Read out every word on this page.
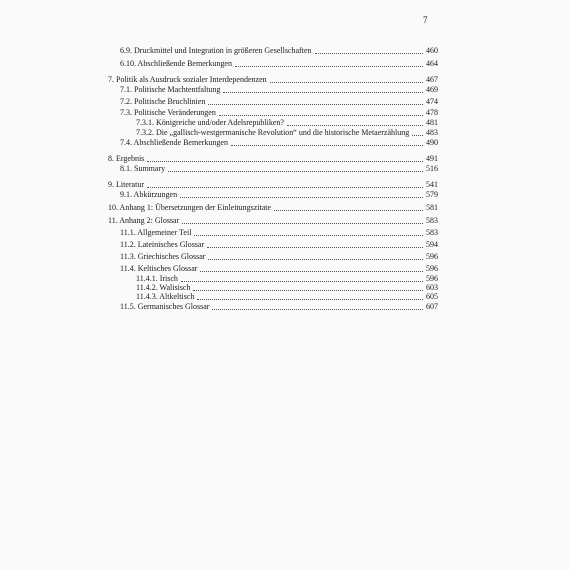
7
6.9. Druckmittel und Integration in größeren Gesellschaften	460
6.10. Abschließende Bemerkungen	464
7. Politik als Ausdruck sozialer Interdependenzen	467
7.1. Politische Machtentfaltung	469
7.2. Politische Bruchlinien	474
7.3. Politische Veränderungen	478
7.3.1. Königreiche und/oder Adelsrepubliken?	481
7.3.2. Die „gallisch-westgermanische Revolution“ und die historische Metaerzählung 483
7.4. Abschließende Bemerkungen	490
8. Ergebnis	491
8.1. Summary	516
9. Literatur	541
9.1. Abkürzungen	579
10. Anhang 1: Übersetzungen der Einleitungszitate	581
11. Anhang 2: Glossar	583
11.1. Allgemeiner Teil	583
11.2. Lateinisches Glossar	594
11.3. Griechisches Glossar	596
11.4. Keltisches Glossar	596
11.4.1. Irisch	596
11.4.2. Walisisch	603
11.4.3. Altkeltisch	605
11.5. Germanisches Glossar	607
